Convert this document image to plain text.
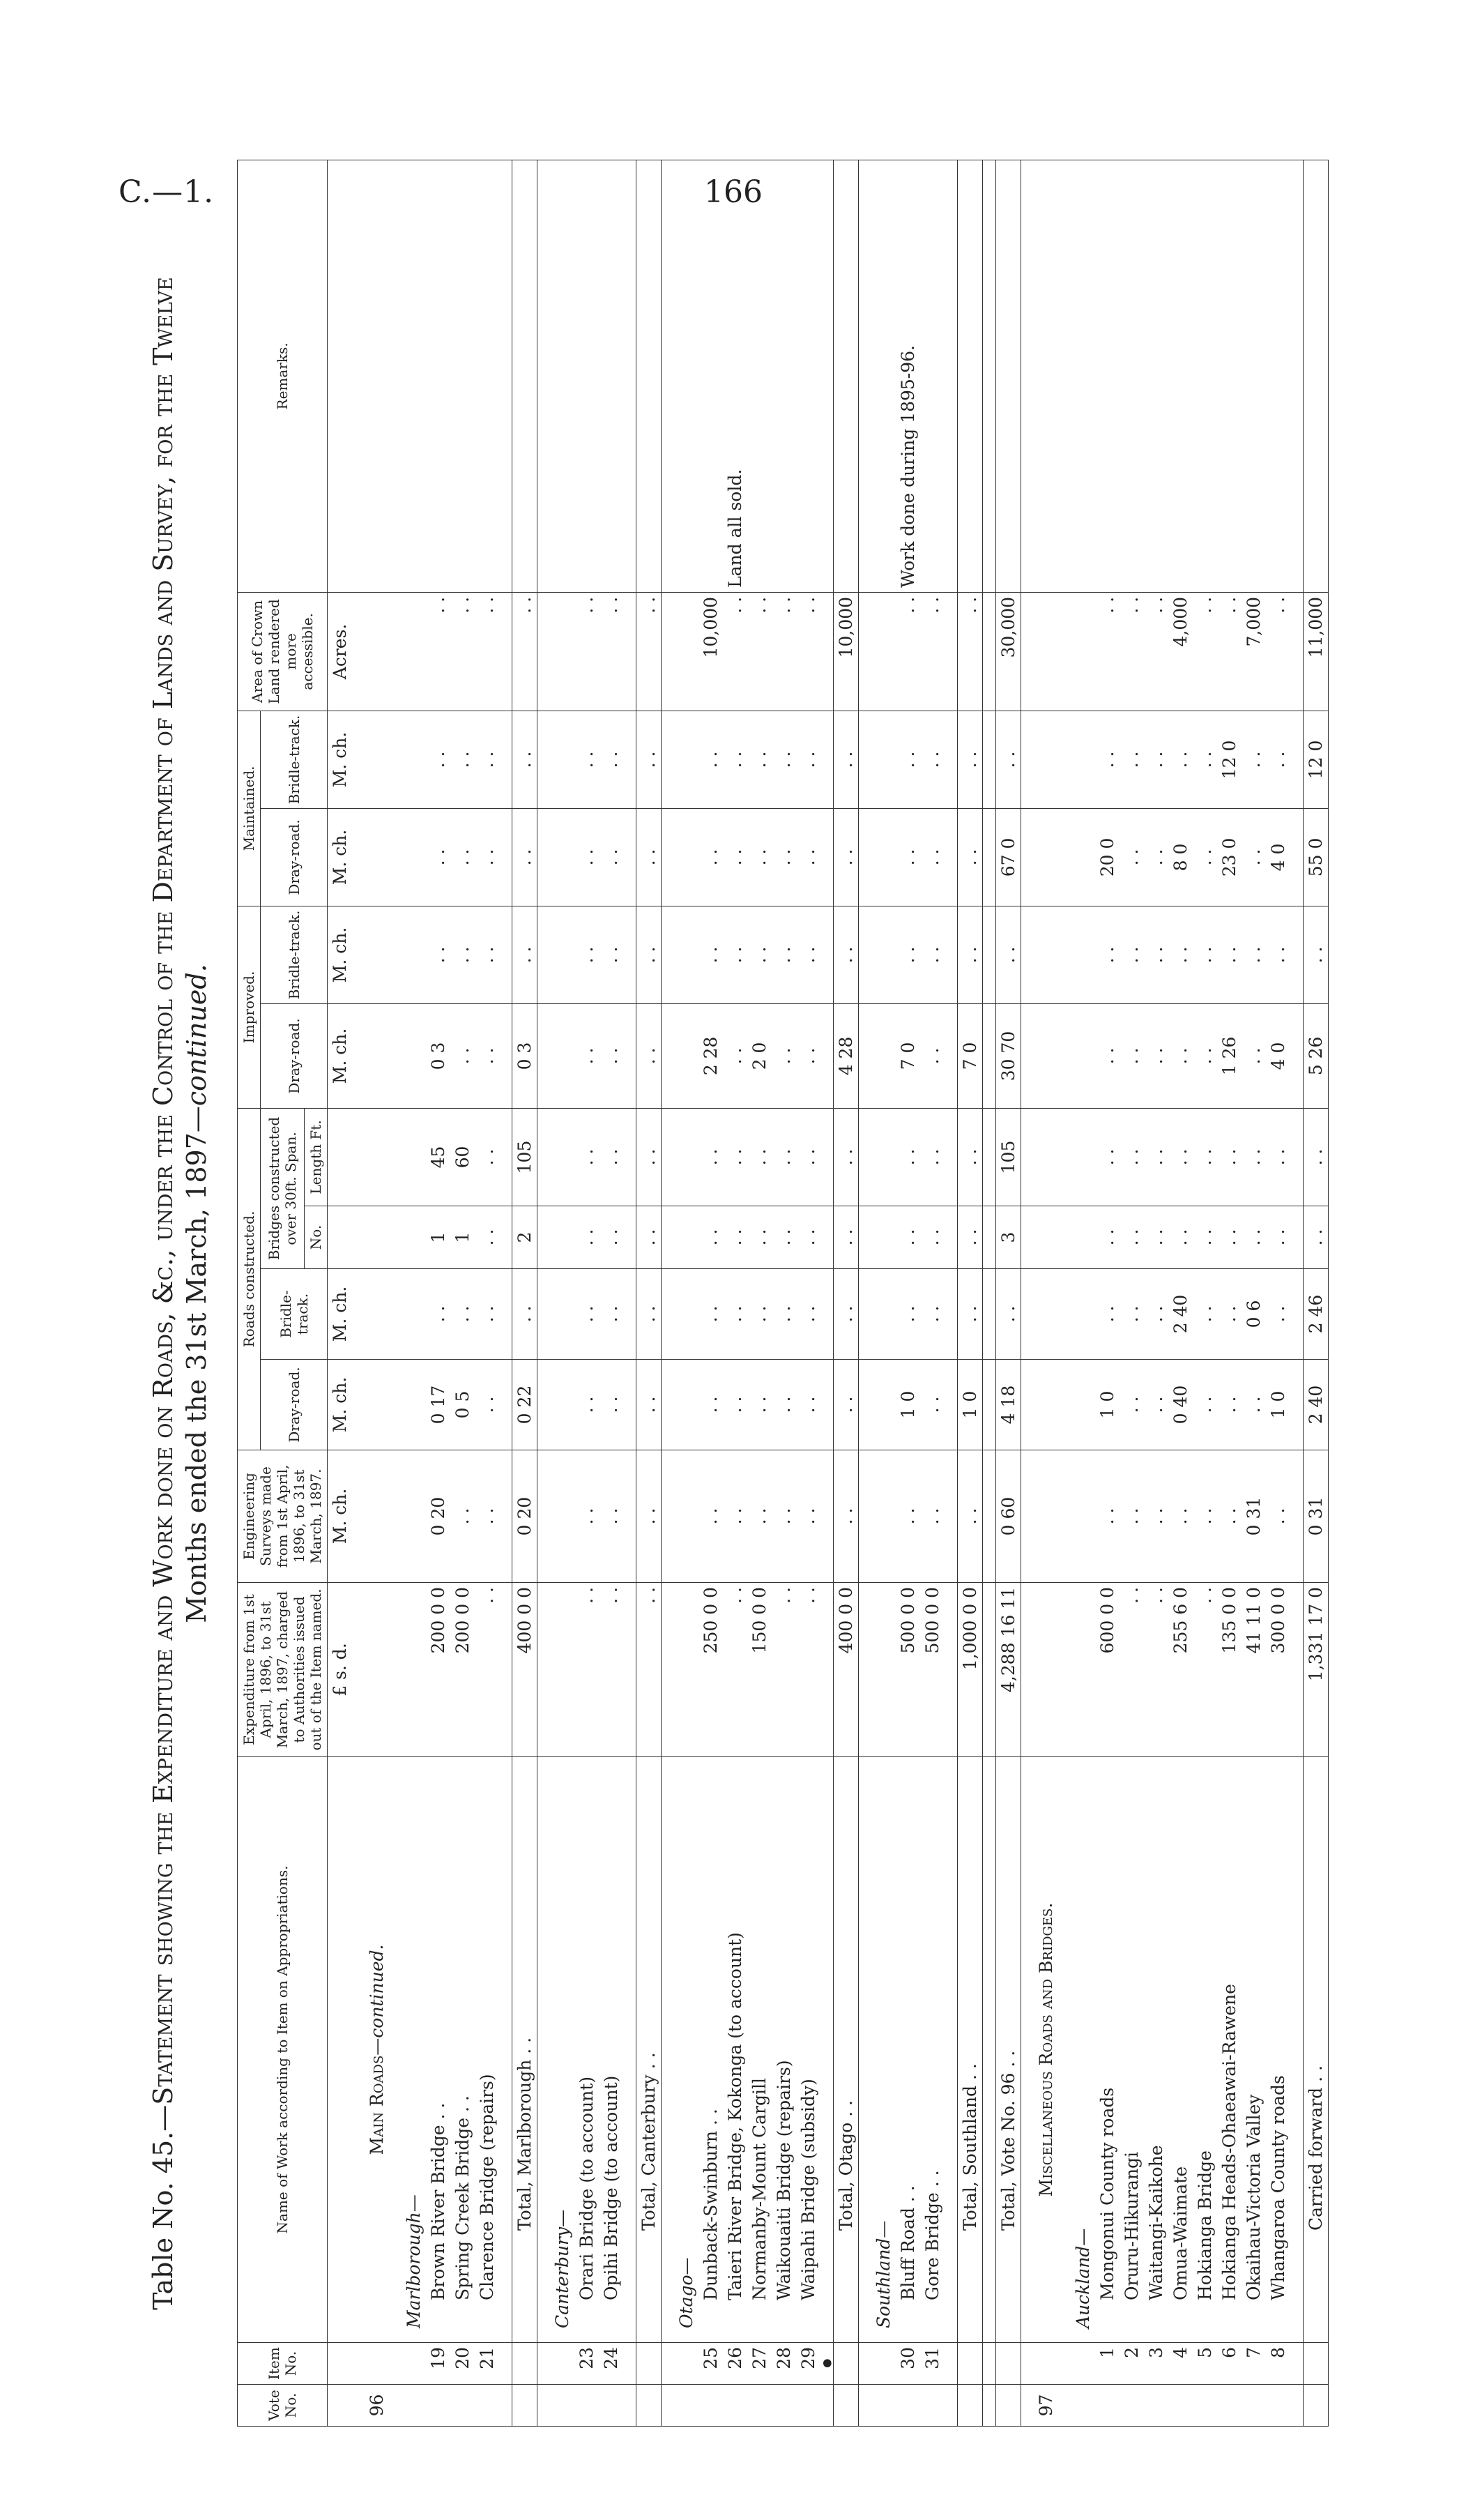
C.—1.	166
•
Table No. 45.—Statement showing the Expenditure and Work done on Roads, &c., under the Control of the Department of Lands and Survey, for the Twelve Months ended the 31st March, 1897—continued.
Vote No.	Item No.	Name of Work according to Item on Appropriations.	Expenditure from 1st April, 1896, to 31st March, 1897, charged to Authorities issued out of the Item named.	Engineering Surveys made from 1st April, 1896, to 31st March, 1897.	Roads constructed.				Improved.		Maintained.		Area of Crown Land rendered more accessible.	Remarks.
					Dray-road.	Bridle-track.	Bridges constructed over 30ft. Span.		Dray-road.	Bridle-track.	Dray-road.	Bridle-track.		
							No.	Length Ft.						
			£ s. d.	M. ch.	M. ch.	M. ch.			M. ch.	M. ch.	M. ch.	M. ch.	Acres.	

96		Main Roads—continued.												

		Marlborough—												
	19	Brown River Bridge . .	200 0 0	0 20	0 17	. .	1	45	0 3	. .	. .	. .	. .	
	20	Spring Creek Bridge . .	200 0 0	. .	0 5	. .	1	60	. .	. .	. .	. .	. .	
	21	Clarence Bridge (repairs)	. .	. .	. .	. .	. .	. .	. .	. .	. .	. .	. .	

		Total, Marlborough . .	400 0 0	0 20	0 22	. .	2	105	0 3	. .	. .	. .	. .	

		Canterbury—												
	23	Orari Bridge (to account)	. .	. .	. .	. .	. .	. .	. .	. .	. .	. .	. .	
	24	Opihi Bridge (to account)	. .	. .	. .	. .	. .	. .	. .	. .	. .	. .	. .	

		Total, Canterbury . .	. .	. .	. .	. .	. .	. .	. .	. .	. .	. .	. .	

		Otago—												
	25	Dunback-Swinburn . .	250 0 0	. .	. .	. .	. .	. .	2 28	. .	. .	. .	10,000	
	26	Taieri River Bridge, Kokonga (to account)	. .	. .	. .	. .	. .	. .	. .	. .	. .	. .	. .	Land all sold.
	27	Normanby-Mount Cargill	150 0 0	. .	. .	. .	. .	. .	2 0	. .	. .	. .	. .	
	28	Waikouaiti Bridge (repairs)	. .	. .	. .	. .	. .	. .	. .	. .	. .	. .	. .	
	29	Waipahi Bridge (subsidy)	. .	. .	. .	. .	. .	. .	. .	. .	. .	. .	. .	

		Total, Otago . .	400 0 0	. .	. .	. .	. .	. .	4 28	. .	. .	. .	10,000	

		Southland—												
	30	Bluff Road . .	500 0 0	. .	1 0	. .	. .	. .	7 0	. .	. .	. .	. .	Work done during 1895-96.
	31	Gore Bridge . .	500 0 0	. .	. .	. .	. .	. .	. .	. .	. .	. .	. .	

		Total, Southland . .	1,000 0 0	. .	1 0	. .	. .	. .	7 0	. .	. .	. .	. .	

		Total, Vote No. 96 . .	4,288 16 11	0 60	4 18	. .	3	105	30 70	. .	67 0	. .	30,000	

97		Miscellaneous Roads and Bridges.												

		Auckland—												
	1	Mongonui County roads	600 0 0	. .	1 0	. .	. .	. .	. .	. .	20 0	. .	. .	
	2	Oruru-Hikurangi	. .	. .	. .	. .	. .	. .	. .	. .	. .	. .	. .	
	3	Waitangi-Kaikohe	. .	. .	. .	. .	. .	. .	. .	. .	. .	. .	. .	
	4	Omua-Waimate	255 6 0	. .	0 40	2 40	. .	. .	. .	. .	8 0	. .	4,000	
	5	Hokianga Bridge	. .	. .	. .	. .	. .	. .	. .	. .	. .	. .	. .	
	6	Hokianga Heads-Ohaeawai-Rawene	135 0 0	. .	. .	. .	. .	. .	1 26	. .	23 0	12 0	. .	
	7	Okaihau-Victoria Valley	41 11 0	0 31	. .	0 6	. .	. .	. .	. .	. .	. .	7,000	
	8	Whangaroa County roads	300 0 0	. .	1 0	. .	. .	. .	4 0	. .	4 0	. .	. .	

		Carried forward . .	1,331 17 0	0 31	2 40	2 46	. .	. .	5 26	. .	55 0	12 0	11,000	
